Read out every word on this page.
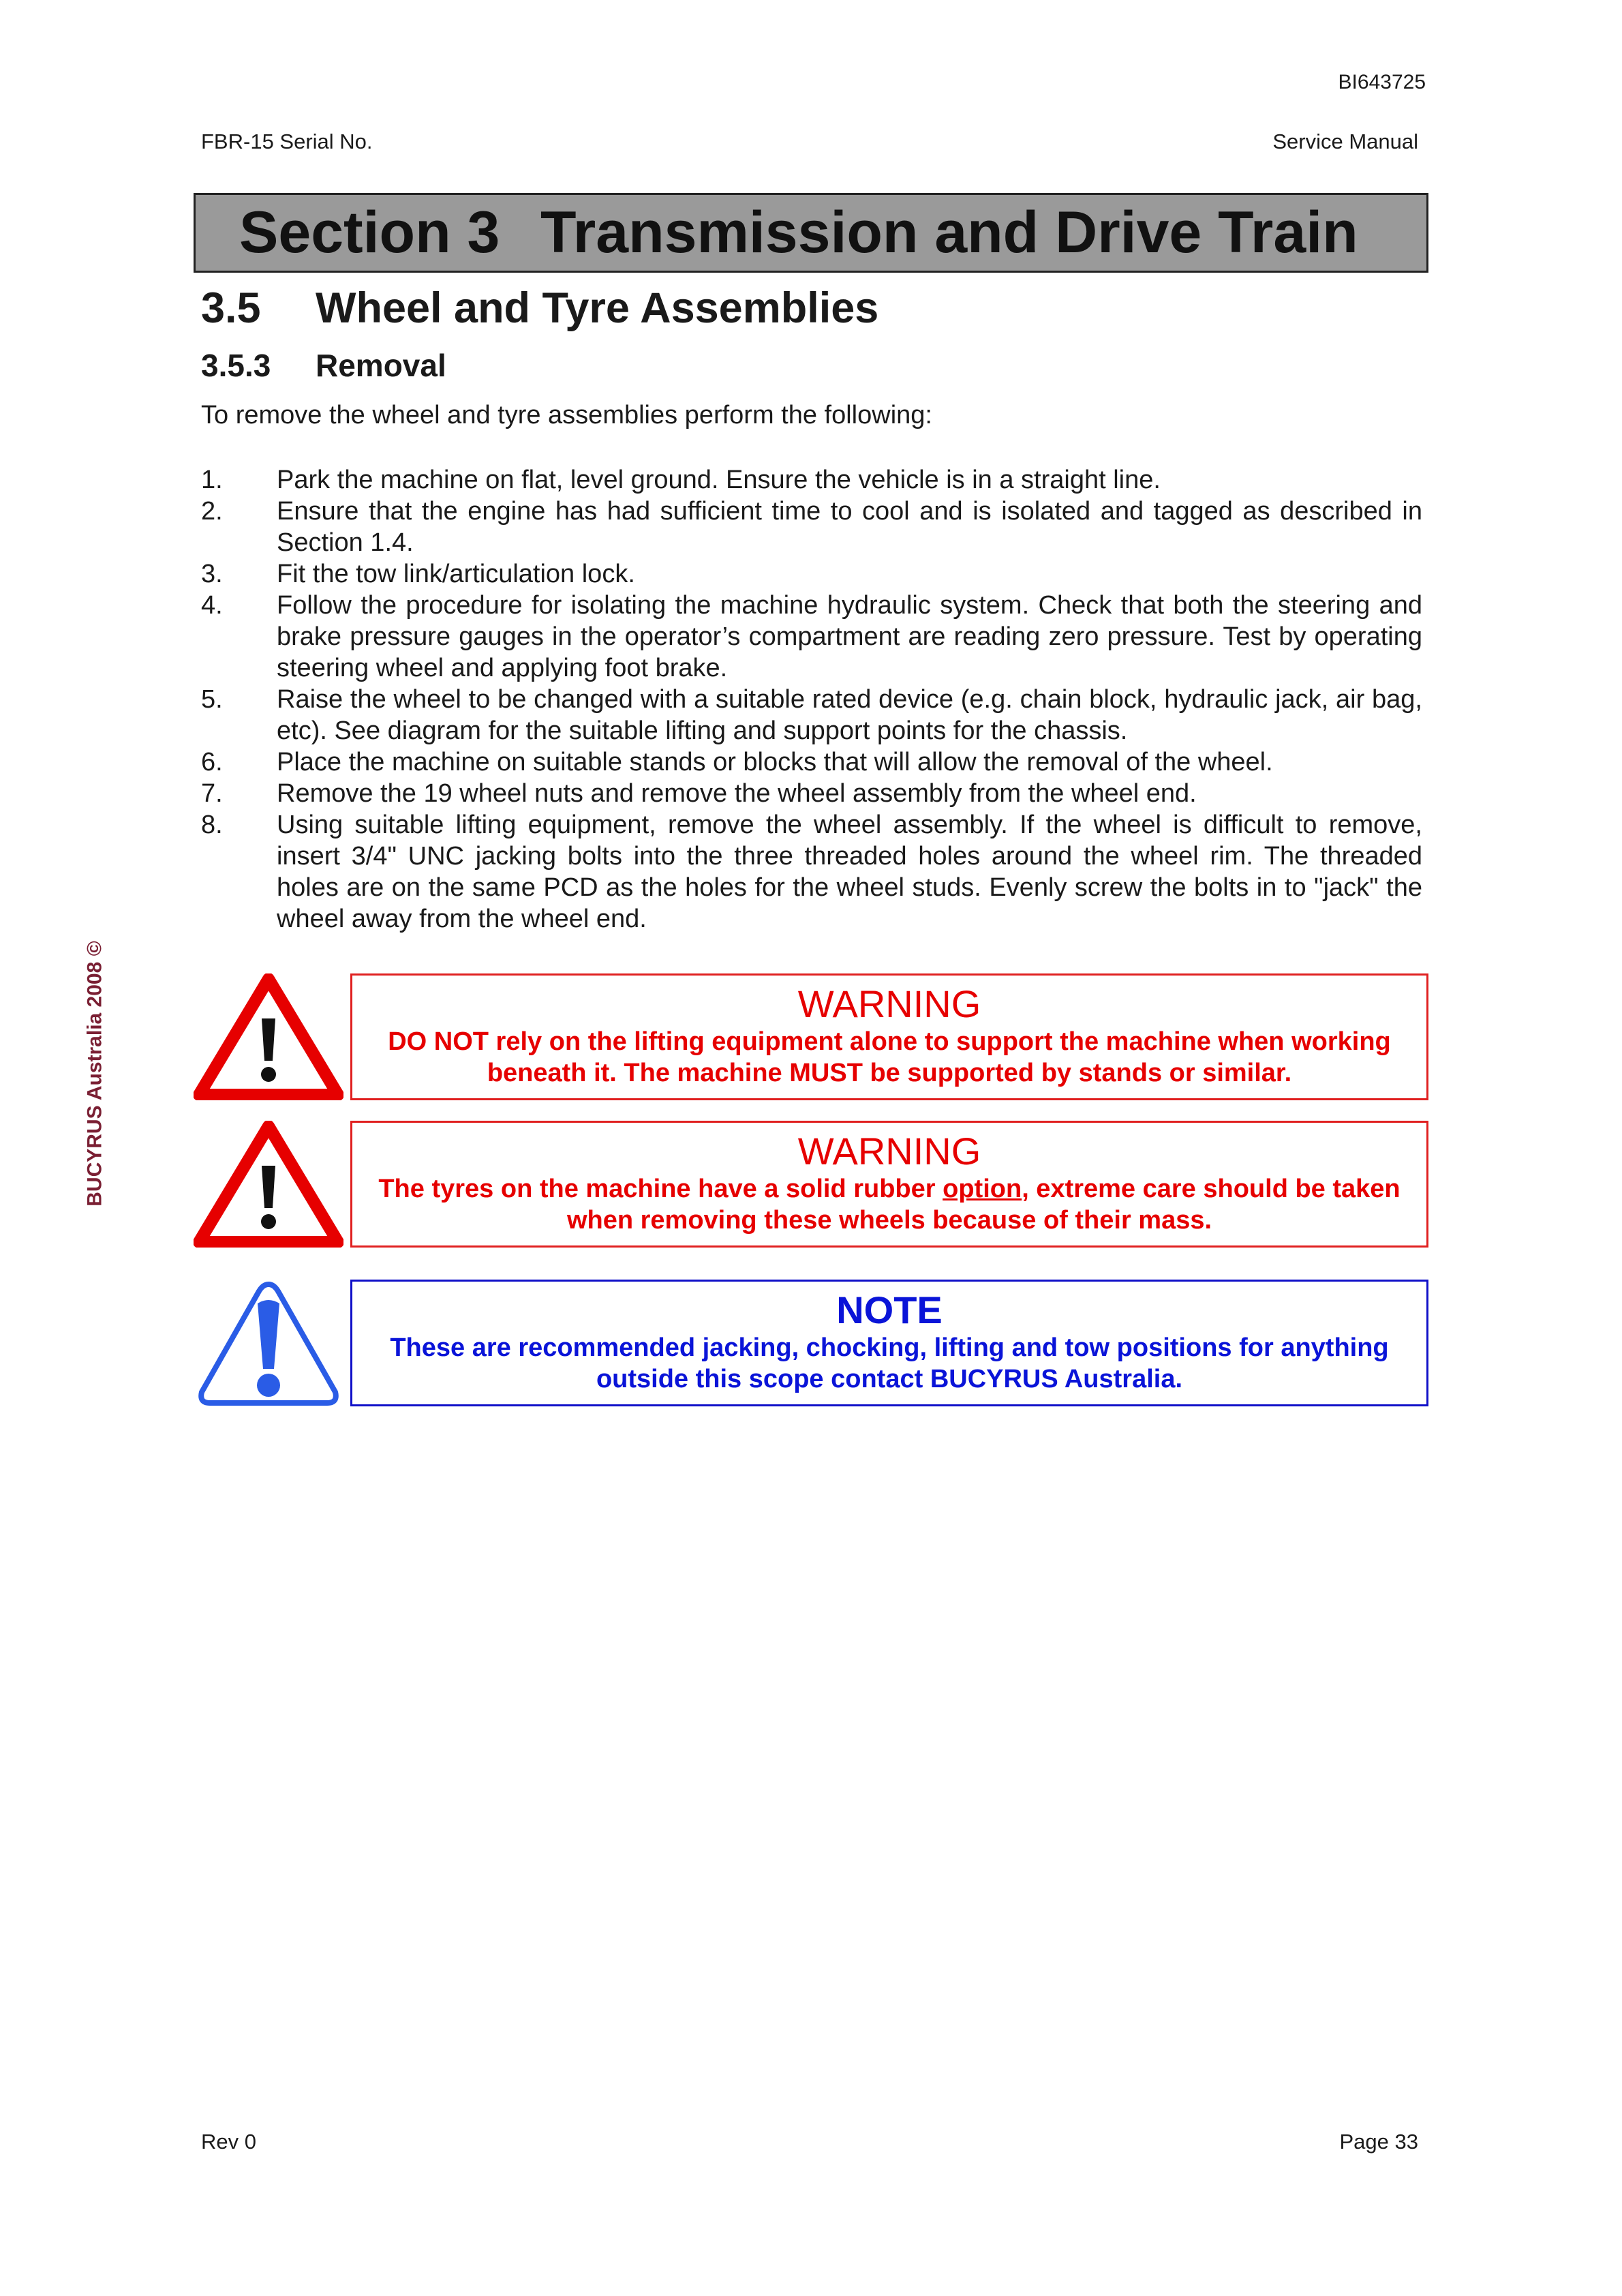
BI643725
FBR-15 Serial No.	Service Manual
Section 3 Transmission and Drive Train
3.5	Wheel and Tyre Assemblies
3.5.3	Removal
To remove the wheel and tyre assemblies perform the following:
1.	Park the machine on flat, level ground. Ensure the vehicle is in a straight line.
2.	Ensure that the engine has had sufficient time to cool and is isolated and tagged as described in Section 1.4.
3.	Fit the tow link/articulation lock.
4.	Follow the procedure for isolating the machine hydraulic system. Check that both the steering and brake pressure gauges in the operator’s compartment are reading zero pressure. Test by operating steering wheel and applying foot brake.
5.	Raise the wheel to be changed with a suitable rated device (e.g. chain block, hydraulic jack, air bag, etc). See diagram for the suitable lifting and support points for the chassis.
6.	Place the machine on suitable stands or blocks that will allow the removal of the wheel.
7.	Remove the 19 wheel nuts and remove the wheel assembly from the wheel end.
8.	Using suitable lifting equipment, remove the wheel assembly. If the wheel is difficult to remove, insert 3/4" UNC jacking bolts into the three threaded holes around the wheel rim. The threaded holes are on the same PCD as the holes for the wheel studs. Evenly screw the bolts in to "jack" the wheel away from the wheel end.
WARNING
DO NOT rely on the lifting equipment alone to support the machine when working beneath it. The machine MUST be supported by stands or similar.
WARNING
The tyres on the machine have a solid rubber option, extreme care should be taken when removing these wheels because of their mass.
NOTE
These are recommended jacking, chocking, lifting and tow positions for anything outside this scope contact BUCYRUS Australia.
BUCYRUS Australia 2008 ©
Rev 0	Page 33
